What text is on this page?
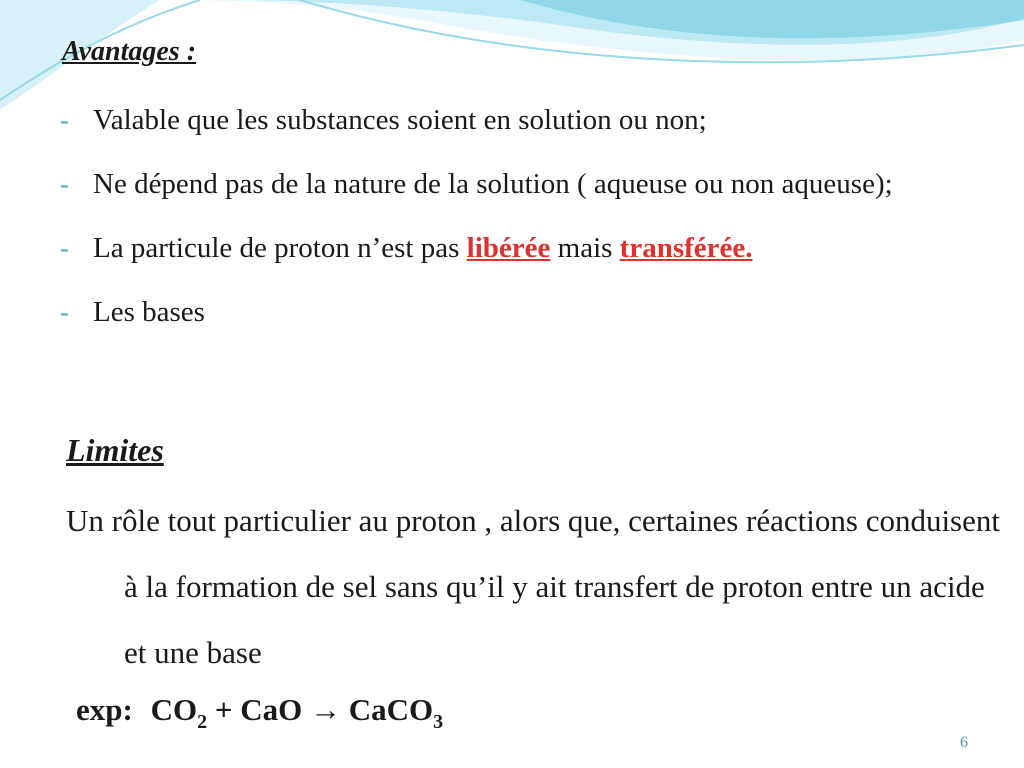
Avantages :
- Valable que les substances soient en solution ou non;
- Ne dépend pas de la nature de la solution ( aqueuse ou non aqueuse);
- La particule de proton n’est pas libérée mais transférée.
- Les bases
Limites
Un rôle tout particulier au proton , alors que, certaines réactions conduisent à la formation de sel sans qu’il y ait transfert de proton entre un acide et une base
exp: $CO_2$ + CaO → CaCO$_3$
6
